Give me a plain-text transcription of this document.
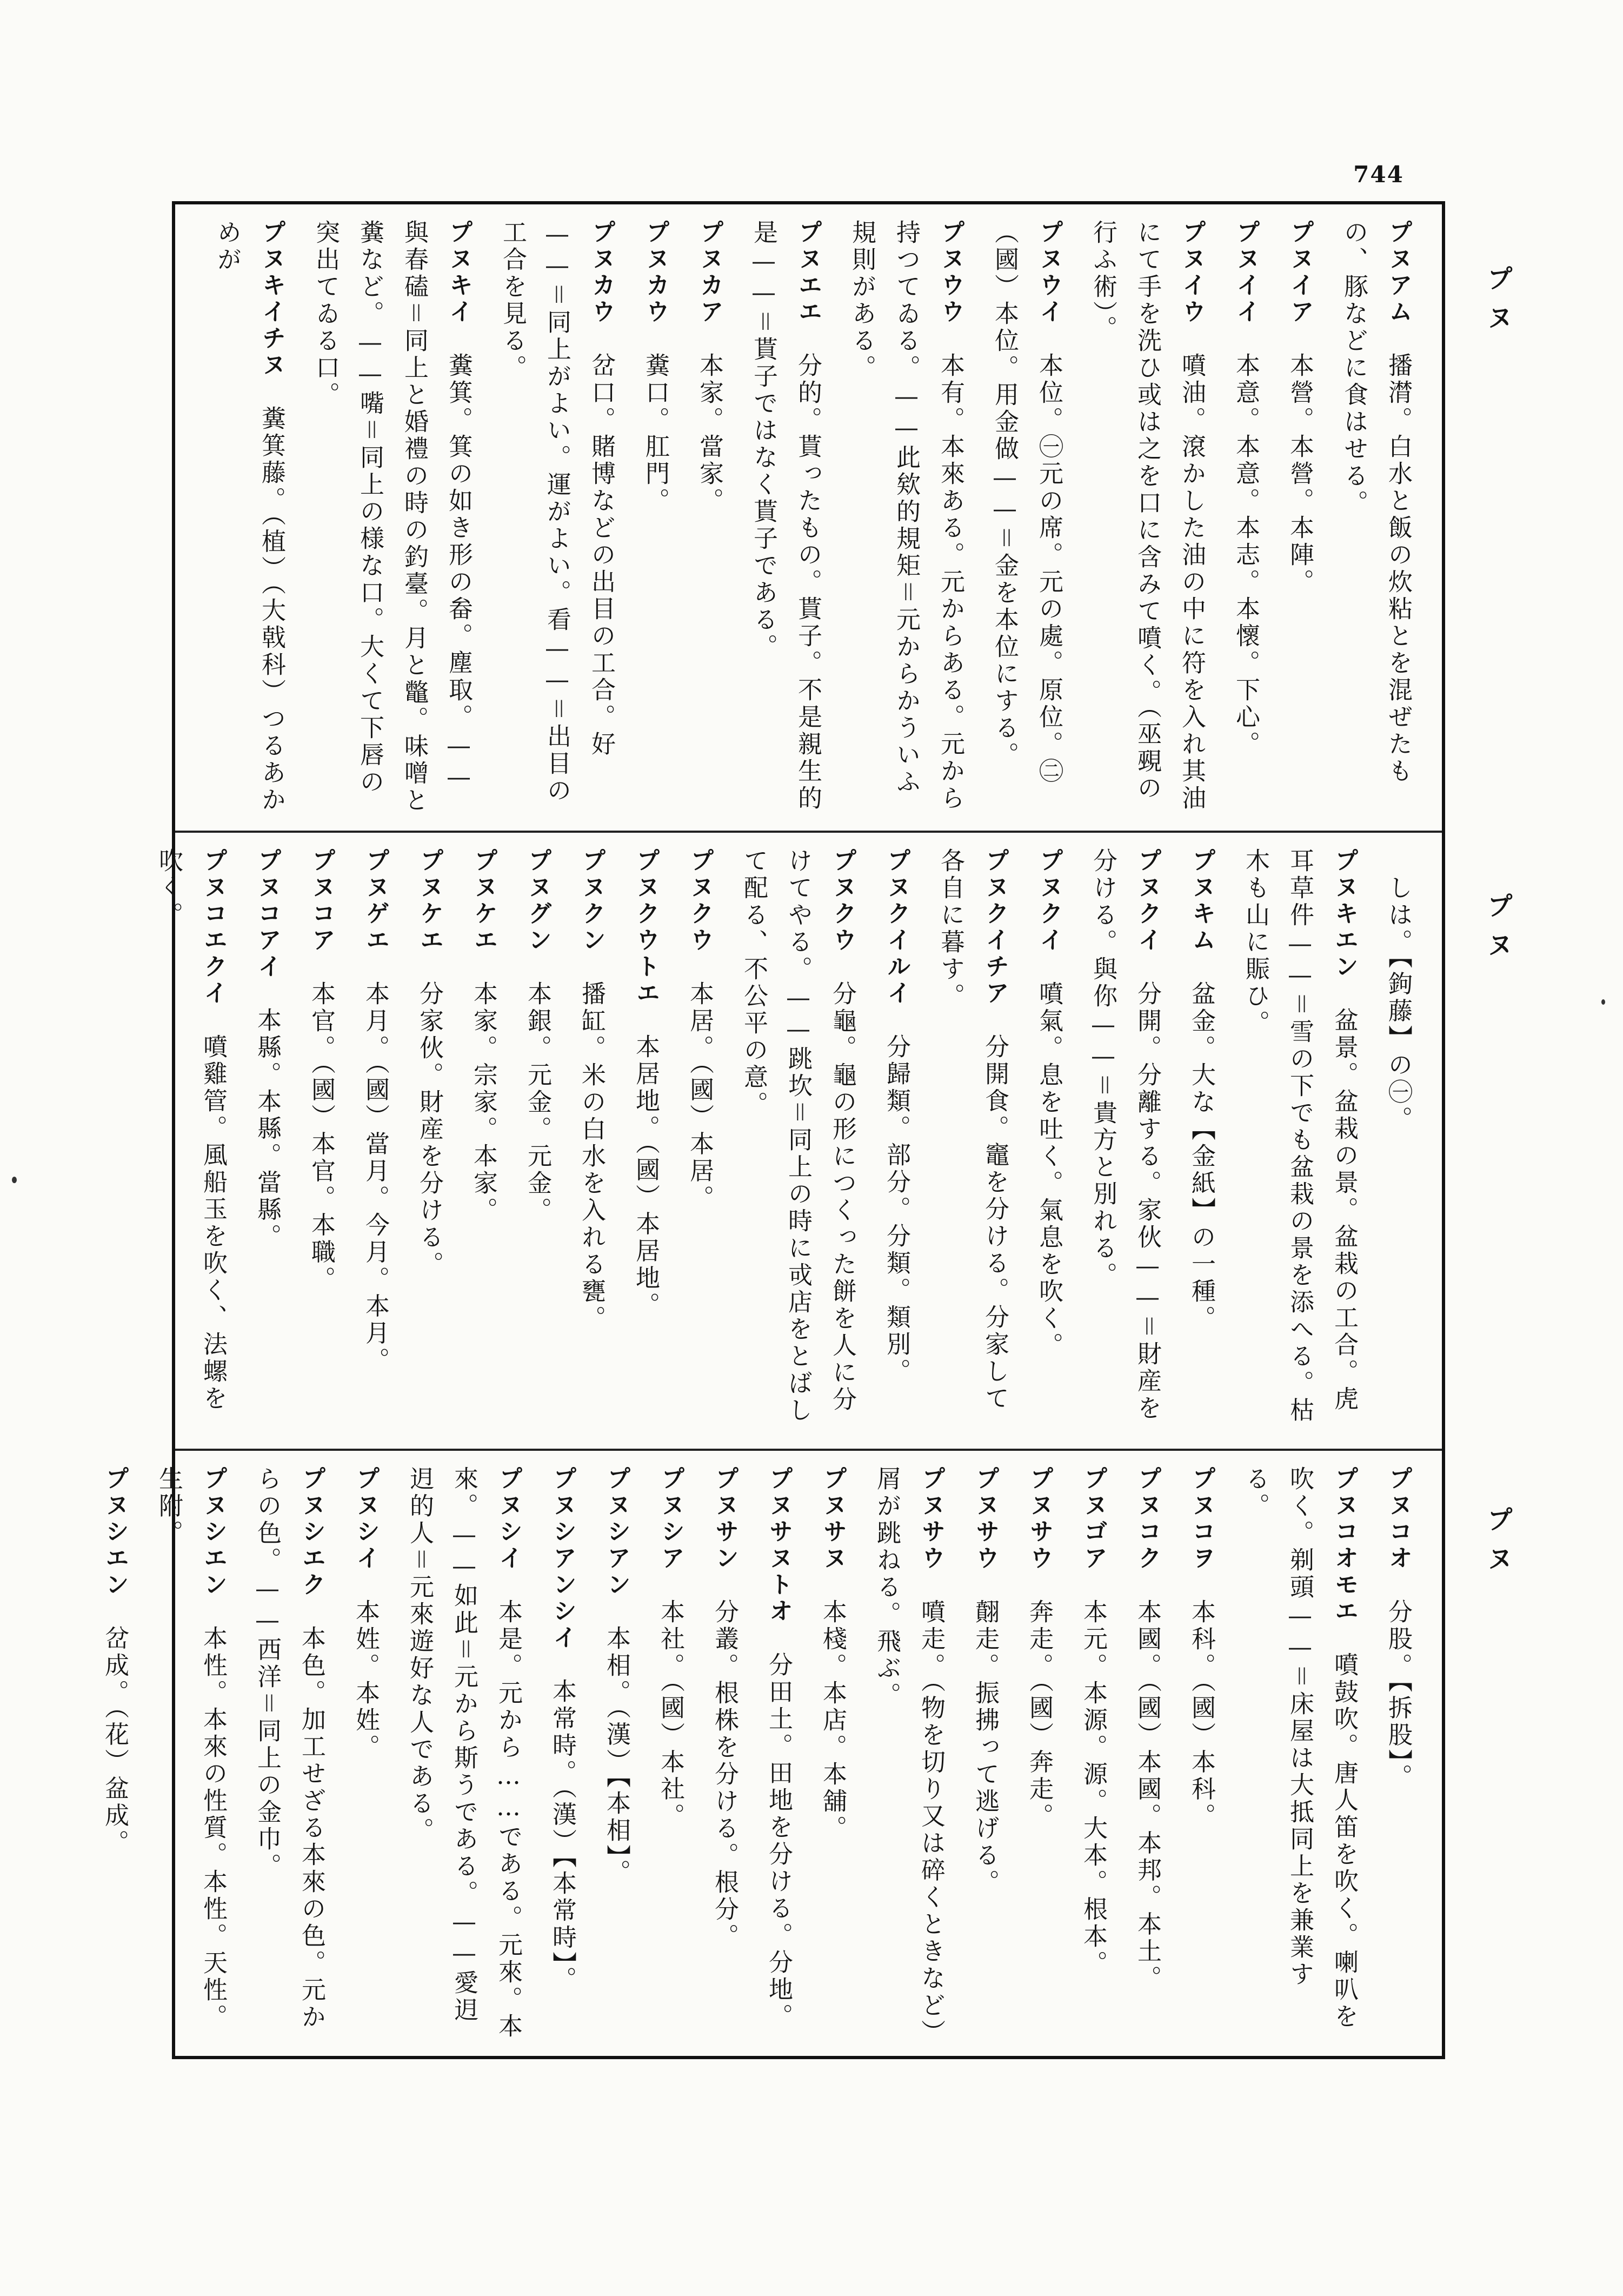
744
プヌ
プヌ
プヌ
プヌアム　播潸。白水と飯の炊粘とを混ぜたもの、豚などに食はせる。
プヌイア　本營。本營。本陣。
プヌイイ　本意。本意。本志。本懷。下心。
プヌイウ　噴油。滾かした油の中に符を入れ其油にて手を洗ひ或は之を口に含みて噴く。（巫覡の行ふ術）。
プヌウイ　本位。㊀元の席。元の處。原位。㊁（國）本位。用金做——＝金を本位にする。
プヌウウ　本有。本來ある。元からある。元から持つてゐる。——此欸的規矩＝元からかういふ規則がある。
プヌエエ　分的。貰ったもの。貰子。不是親生的是——＝貰子ではなく貰子である。
プヌカア　本家。當家。
プヌカウ　糞口。肛門。
プヌカウ　岔口。賭博などの出目の工合。好——＝同上がよい。運がよい。看——＝出目の工合を見る。
プヌキイ　糞箕。箕の如き形の畚。塵取。——與春磕＝同上と婚禮の時の釣臺。月と鼈。味噌と糞など。——嘴＝同上の様な口。大くて下唇の突出てゐる口。
プヌキイチヌ　糞箕藤。（植）（大戟科）つるあかめが
　しは。【鉤藤】の㊀。
プヌキエン　盆景。盆栽の景。盆栽の工合。虎耳草件——＝雪の下でも盆栽の景を添へる。枯木も山に賑ひ。
プヌキム　盆金。大な【金紙】の一種。
プヌクイ　分開。分離する。家伙——＝財産を分ける。與你——＝貴方と別れる。
プヌクイ　噴氣。息を吐く。氣息を吹く。
プヌクイチア　分開食。竈を分ける。分家して各自に暮す。
プヌクイルイ　分歸類。部分。分類。類別。
プヌクウ　分龜。龜の形につくった餅を人に分けてやる。——跳坎＝同上の時に戓店をとばして配る、不公平の意。
プヌクウ　本居。（國）本居。
プヌクウトエ　本居地。（國）本居地。
プヌクン　播缸。米の白水を入れる甕。
プヌグン　本銀。元金。元金。
プヌケエ　本家。宗家。本家。
プヌケエ　分家伙。財産を分ける。
プヌゲエ　本月。（國）當月。今月。本月。
プヌコア　本官。（國）本官。本職。
プヌコアイ　本縣。本縣。當縣。
プヌコエクイ　噴雞管。風船玉を吹く、法螺を吹く。
プヌコオ　分股。【拆股】。
プヌコオモエ　噴鼓吹。唐人笛を吹く。喇叭を吹く。剃頭——＝床屋は大抵同上を兼業する。
プヌコヲ　本科。（國）本科。
プヌコク　本國。（國）本國。本邦。本土。
プヌゴア　本元。本源。源。大本。根本。
プヌサウ　奔走。（國）奔走。
プヌサウ　翸走。振拂って逃げる。
プヌサウ　噴走。（物を切り又は碎くときなど）屑が跳ねる。飛ぶ。
プヌサヌ　本棧。本店。本舖。
プヌサヌトオ　分田土。田地を分ける。分地。
プヌサン　分叢。根株を分ける。根分。
プヌシア　本社。（國）本社。
プヌシアン　本相。（漢）【本相】。
プヌシアンシイ　本常時。（漢）【本常時】。
プヌシイ　本是。元から……である。元來。本來。——如此＝元から斯うである。——愛迌迌的人＝元來遊好な人である。
プヌシイ　本姓。本姓。
プヌシエク　本色。加工せざる本來の色。元からの色。——西洋＝同上の金巾。
プヌシエン　本性。本來の性質。本性。天性。生附。
プヌシエン　岔成。（花）盆成。
